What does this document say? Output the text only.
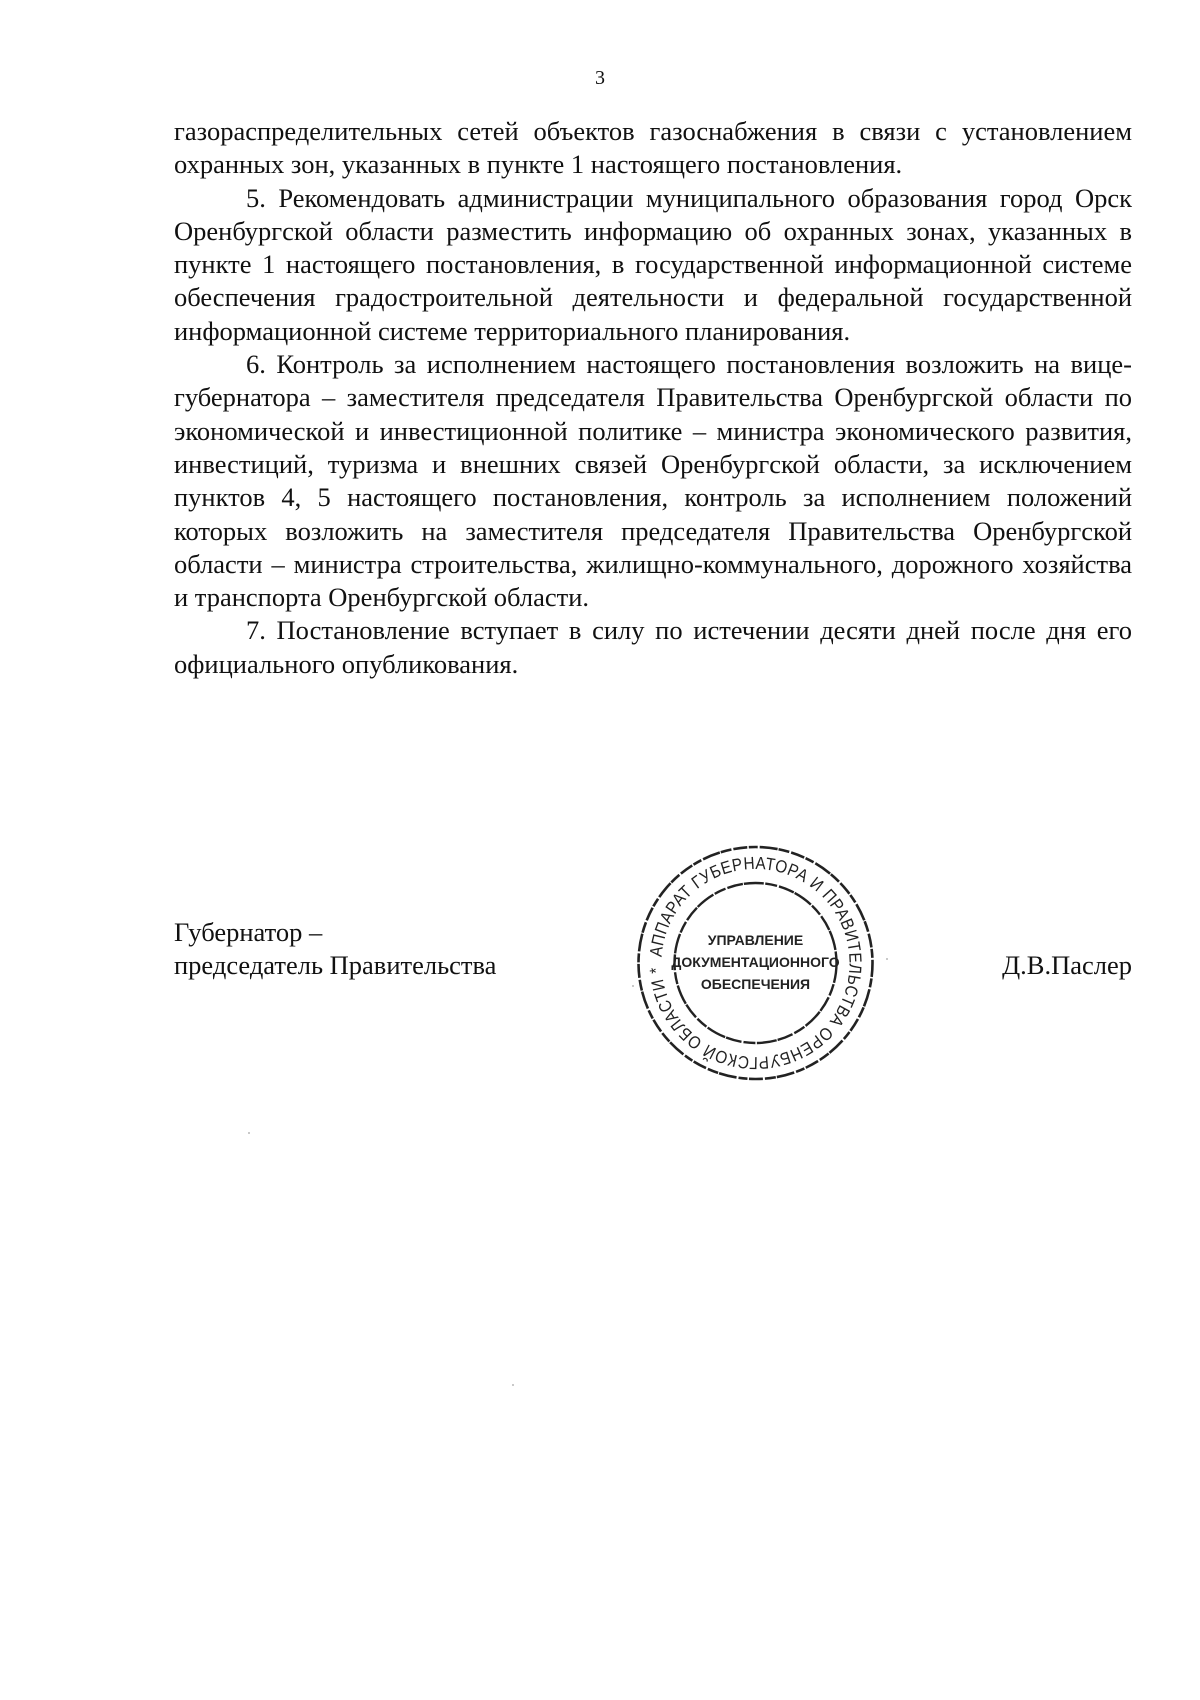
3

газораспределительных сетей объектов газоснабжения в связи с установлением охранных зон, указанных в пункте 1 настоящего постановления.

5. Рекомендовать администрации муниципального образования город Орск Оренбургской области разместить информацию об охранных зонах, указанных в пункте 1 настоящего постановления, в государственной информационной системе обеспечения градостроительной деятельности и федеральной государственной информационной системе территориального планирования.

6. Контроль за исполнением настоящего постановления возложить на вице-губернатора – заместителя председателя Правительства Оренбургской области по экономической и инвестиционной политике – министра экономического развития, инвестиций, туризма и внешних связей Оренбургской области, за исключением пунктов 4, 5 настоящего постановления, контроль за исполнением положений которых возложить на заместителя председателя Правительства Оренбургской области – министра строительства, жилищно-коммунального, дорожного хозяйства и транспорта Оренбургской области.

7. Постановление вступает в силу по истечении десяти дней после дня его официального опубликования.

Губернатор –
председатель Правительства	Д.В.Паслер
АППАРАТ ГУБЕРНАТОРА И ПРАВИТЕЛЬСТВА ОРЕНБУРГСКОЙ ОБЛАСТИ *
УПРАВЛЕНИЕ
ДОКУМЕНТАЦИОННОГО
ОБЕСПЕЧЕНИЯ
